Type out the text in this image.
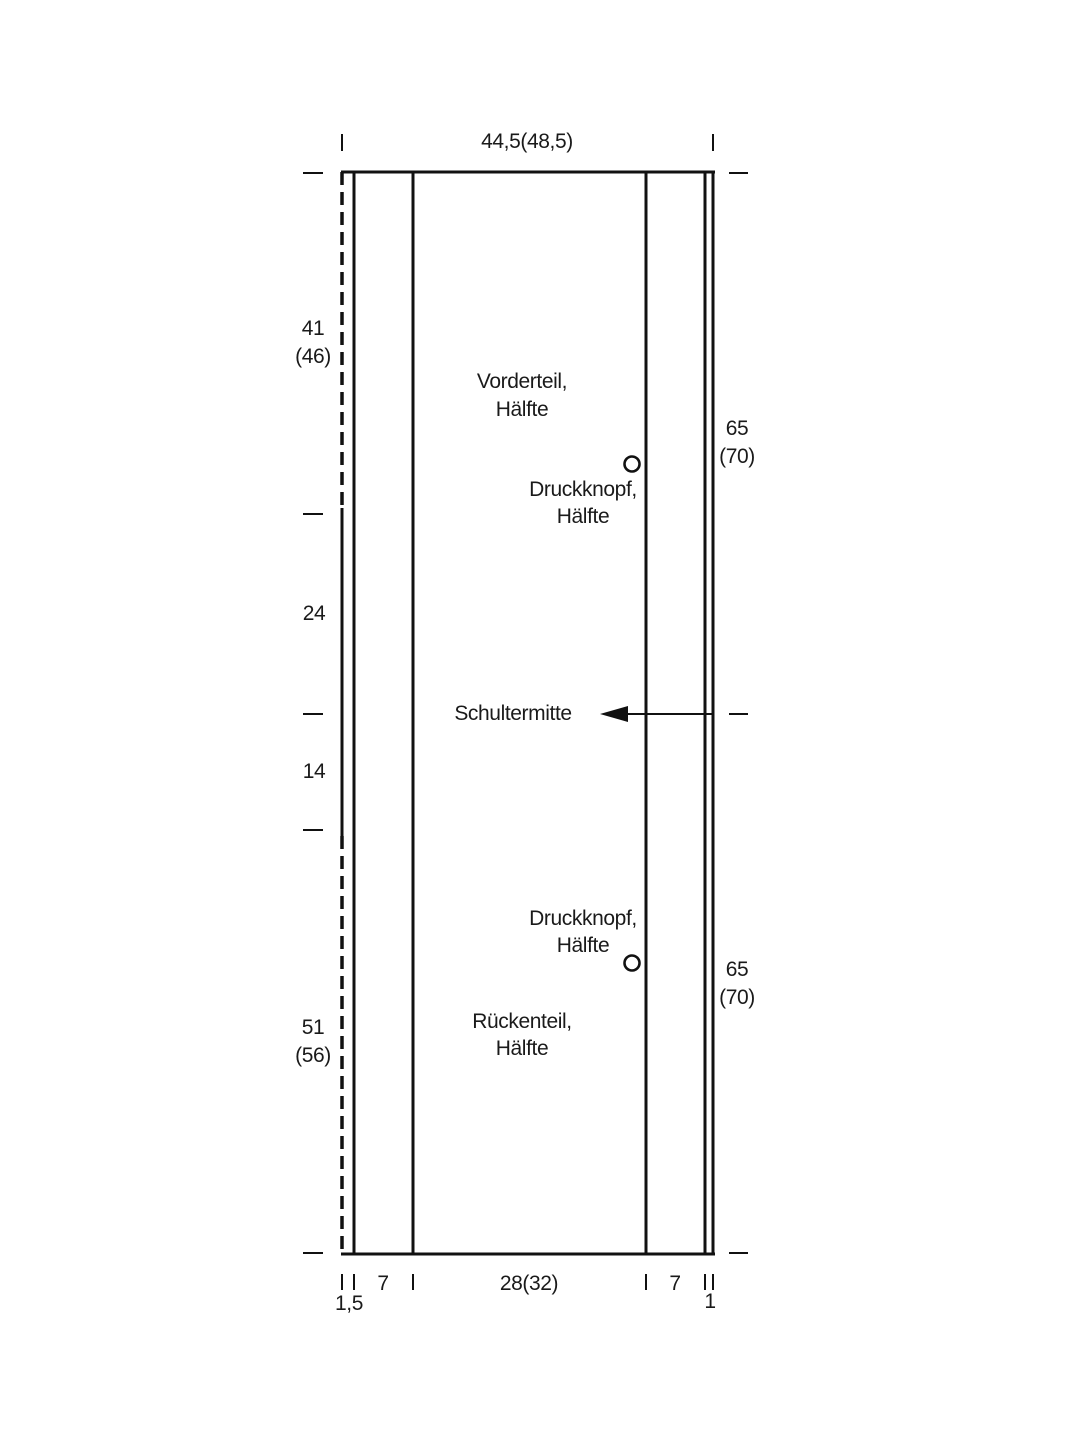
44,5(48,5)
41
(46)
24
14
51
(56)
65
(70)
65
(70)
1,5
7	28(32)	7
1
Vorderteil,
Hälfte
Rückenteil,
Hälfte
Druckknopf,
Hälfte
Druckknopf,
Hälfte
Schultermitte
